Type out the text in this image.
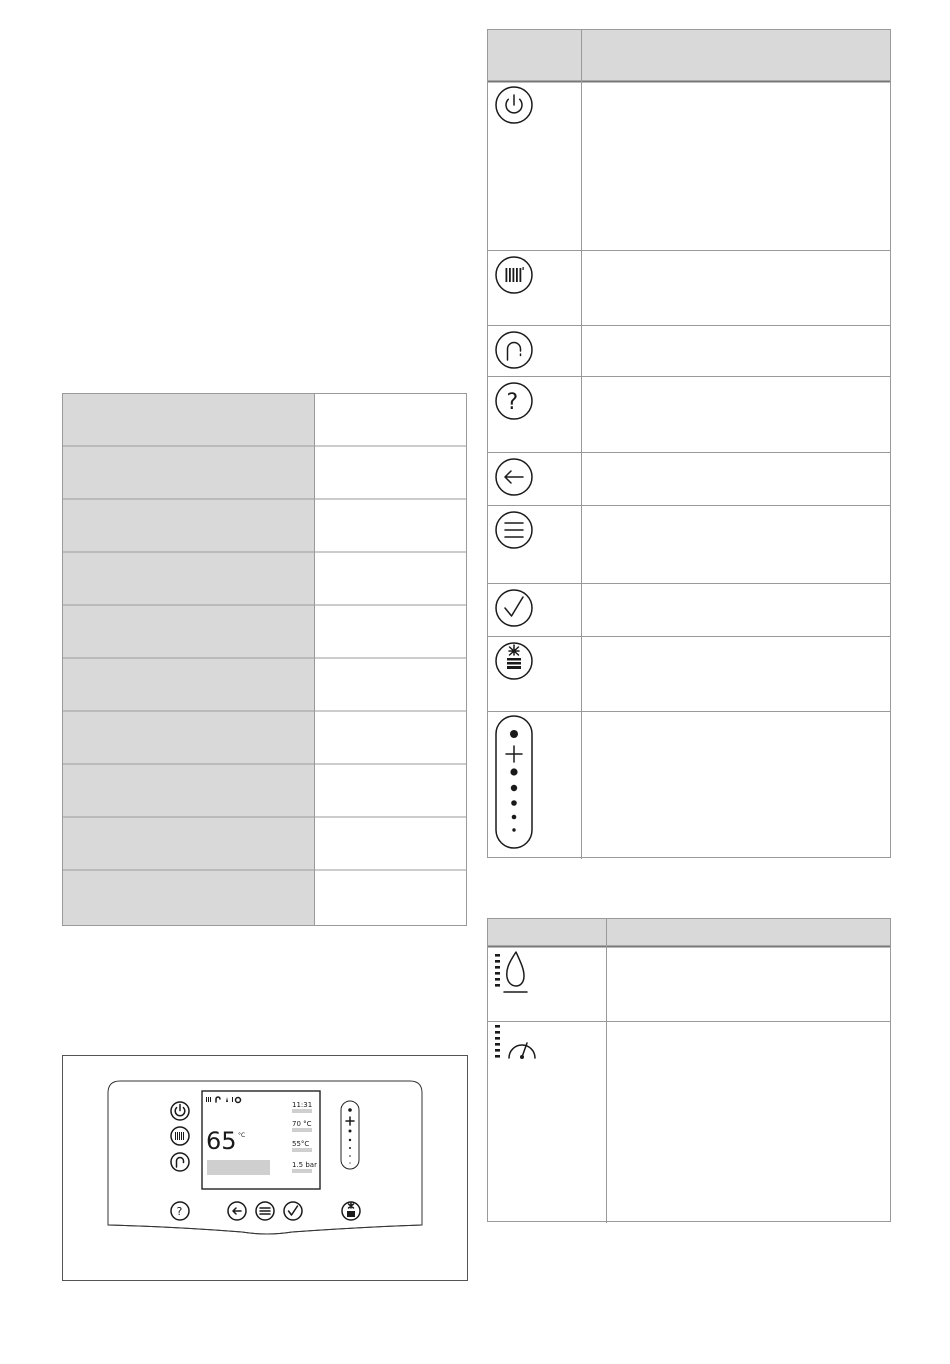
65 °C
11:31
70 °C
55°C
1.5 bar
?
?
